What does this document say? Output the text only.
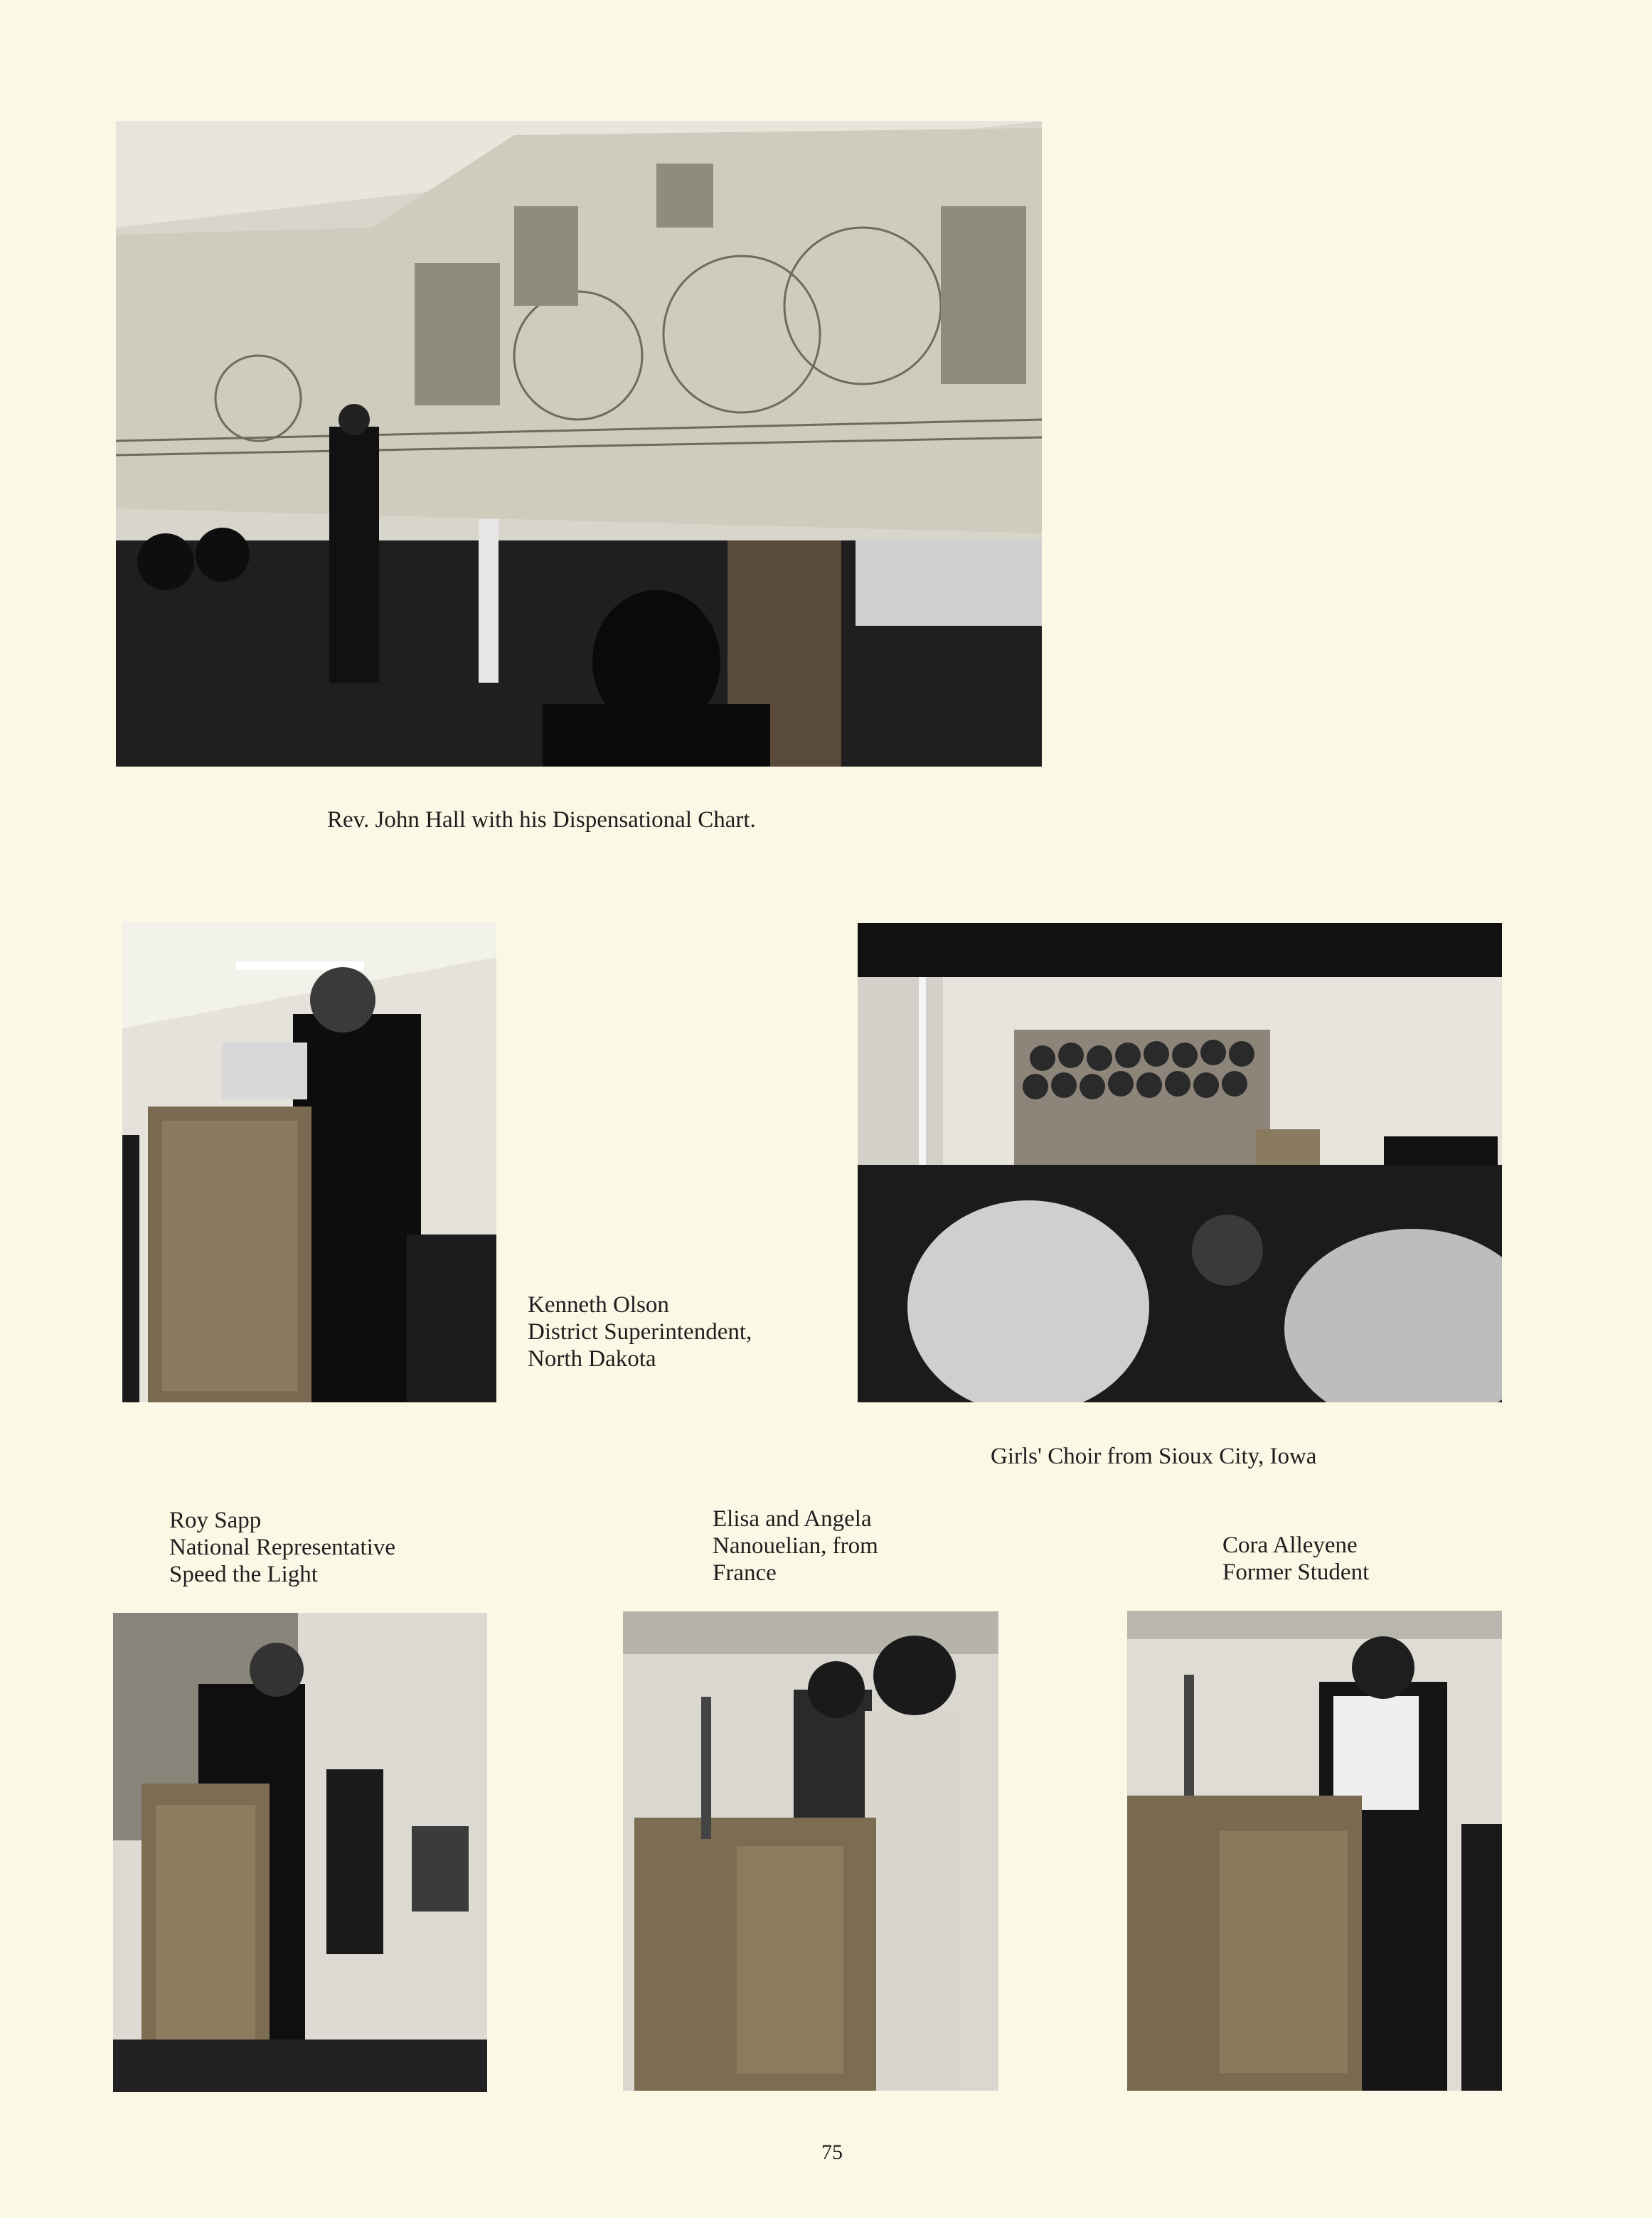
Rev. John Hall with his Dispensational Chart.
Kenneth Olson
District Superintendent,
North Dakota
Girls' Choir from Sioux City, Iowa
Roy Sapp
National Representative
Speed the Light
Elisa and Angela
Nanouelian, from
France
Cora Alleyene
Former Student
75
